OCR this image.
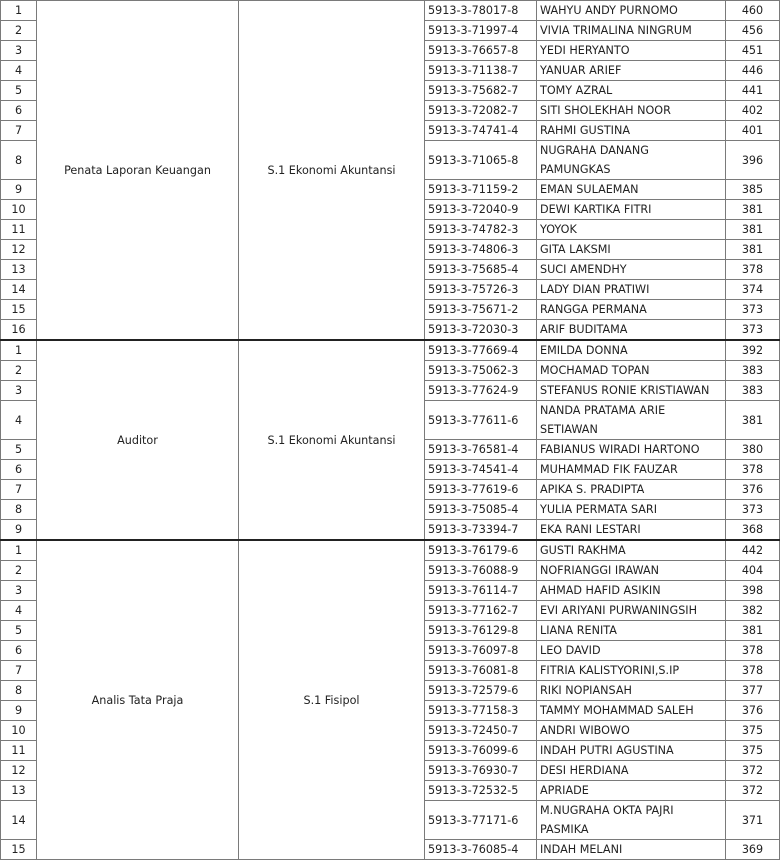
1	Penata Laporan Keuangan	S.1 Ekonomi Akuntansi	5913-3-78017-8	WAHYU ANDY PURNOMO	460
2			5913-3-71997-4	VIVIA TRIMALINA NINGRUM	456
3			5913-3-76657-8	YEDI HERYANTO	451
4			5913-3-71138-7	YANUAR ARIEF	446
5			5913-3-75682-7	TOMY AZRAL	441
6			5913-3-72082-7	SITI SHOLEKHAH NOOR	402
7			5913-3-74741-4	RAHMI GUSTINA	401
8			5913-3-71065-8	NUGRAHA DANANG PAMUNGKAS	396
9			5913-3-71159-2	EMAN SULAEMAN	385
10			5913-3-72040-9	DEWI KARTIKA FITRI	381
11			5913-3-74782-3	YOYOK	381
12			5913-3-74806-3	GITA LAKSMI	381
13			5913-3-75685-4	SUCI AMENDHY	378
14			5913-3-75726-3	LADY DIAN PRATIWI	374
15			5913-3-75671-2	RANGGA PERMANA	373
16			5913-3-72030-3	ARIF BUDITAMA	373
1	Auditor	S.1 Ekonomi Akuntansi	5913-3-77669-4	EMILDA DONNA	392
2			5913-3-75062-3	MOCHAMAD TOPAN	383
3			5913-3-77624-9	STEFANUS RONIE KRISTIAWAN	383
4			5913-3-77611-6	NANDA PRATAMA ARIE SETIAWAN	381
5			5913-3-76581-4	FABIANUS WIRADI HARTONO	380
6			5913-3-74541-4	MUHAMMAD FIK FAUZAR	378
7			5913-3-77619-6	APIKA S. PRADIPTA	376
8			5913-3-75085-4	YULIA PERMATA SARI	373
9			5913-3-73394-7	EKA RANI LESTARI	368
1	Analis Tata Praja	S.1 Fisipol	5913-3-76179-6	GUSTI RAKHMA	442
2			5913-3-76088-9	NOFRIANGGI IRAWAN	404
3			5913-3-76114-7	AHMAD HAFID ASIKIN	398
4			5913-3-77162-7	EVI ARIYANI PURWANINGSIH	382
5			5913-3-76129-8	LIANA RENITA	381
6			5913-3-76097-8	LEO DAVID	378
7			5913-3-76081-8	FITRIA KALISTYORINI,S.IP	378
8			5913-3-72579-6	RIKI NOPIANSAH	377
9			5913-3-77158-3	TAMMY MOHAMMAD SALEH	376
10			5913-3-72450-7	ANDRI WIBOWO	375
11			5913-3-76099-6	INDAH PUTRI AGUSTINA	375
12			5913-3-76930-7	DESI HERDIANA	372
13			5913-3-72532-5	APRIADE	372
14			5913-3-77171-6	M.NUGRAHA OKTA PAJRI PASMIKA	371
15			5913-3-76085-4	INDAH MELANI	369
